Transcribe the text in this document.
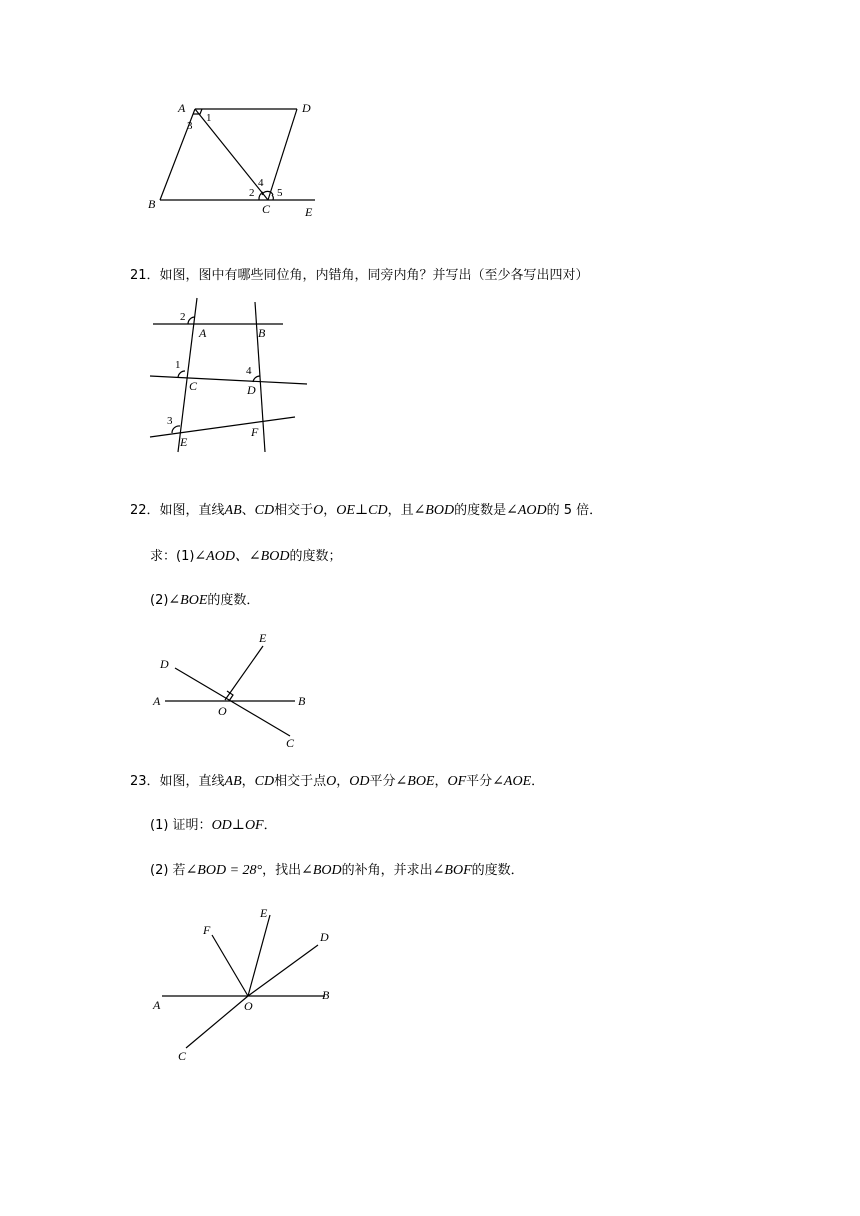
A	D
B	C	E
1
2
3
4
5
21．如图，图中有哪些同位角，内错角，同旁内角？并写出（至少各写出四对）
A	B
C	D
E
F
1
2
3
4
22．如图，直线AB、CD相交于O，OE⊥CD，且∠BOD的度数是∠AOD的 5 倍．
求：(1)∠AOD、∠BOD的度数；
(2)∠BOE的度数．
A	B
C
D
E
O
23．如图，直线AB，CD相交于点O，OD平分∠BOE，OF平分∠AOE．
(1) 证明：OD⊥OF．
(2) 若∠BOD = 28°，找出∠BOD的补角，并求出∠BOF的度数．
A
B
C
D
E
F
O
